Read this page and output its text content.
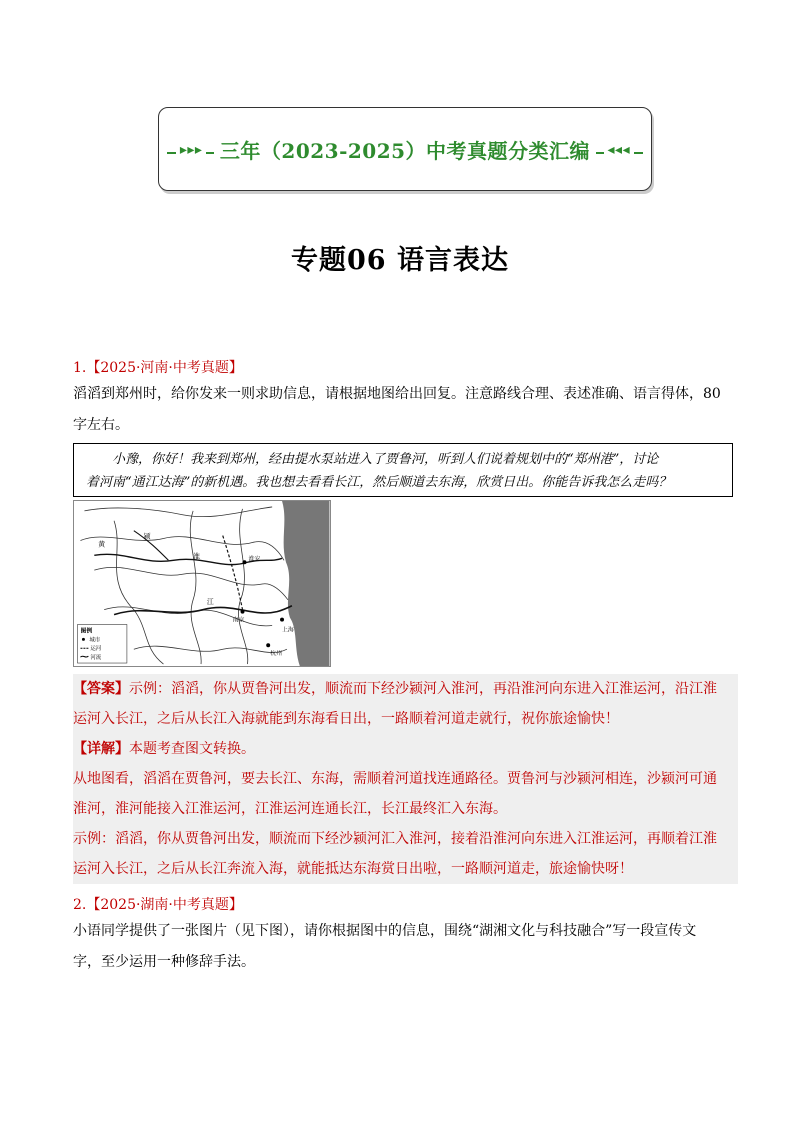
▸▸▸ 三年（2023-2025）中考真题分类汇编 ◂◂◂
专题06 语言表达
1.【2025·河南·中考真题】
滔滔到郑州时，给你发来一则求助信息，请根据地图给出回复。注意路线合理、表述准确、语言得体，80
字左右。
小豫，你好！我来到郑州，经由提水泵站进入了贾鲁河，听到人们说着规划中的“郑州港”，讨论
着河南“通江达海”的新机遇。我也想去看看长江，然后顺道去东海，欣赏日出。你能告诉我怎么走吗？
淮安
南京
上海
杭州
淮
江
颍
黄
图例
城市
运河
河流
【答案】示例：滔滔，你从贾鲁河出发，顺流而下经沙颍河入淮河，再沿淮河向东进入江淮运河，沿江淮
运河入长江，之后从长江入海就能到东海看日出，一路顺着河道走就行，祝你旅途愉快！
【详解】本题考查图文转换。
从地图看，滔滔在贾鲁河，要去长江、东海，需顺着河道找连通路径。贾鲁河与沙颍河相连，沙颍河可通
淮河，淮河能接入江淮运河，江淮运河连通长江，长江最终汇入东海。
示例：滔滔，你从贾鲁河出发，顺流而下经沙颍河汇入淮河，接着沿淮河向东进入江淮运河，再顺着江淮
运河入长江，之后从长江奔流入海，就能抵达东海赏日出啦，一路顺河道走，旅途愉快呀！
2.【2025·湖南·中考真题】
小语同学提供了一张图片（见下图），请你根据图中的信息，围绕“湖湘文化与科技融合”写一段宣传文
字，至少运用一种修辞手法。
